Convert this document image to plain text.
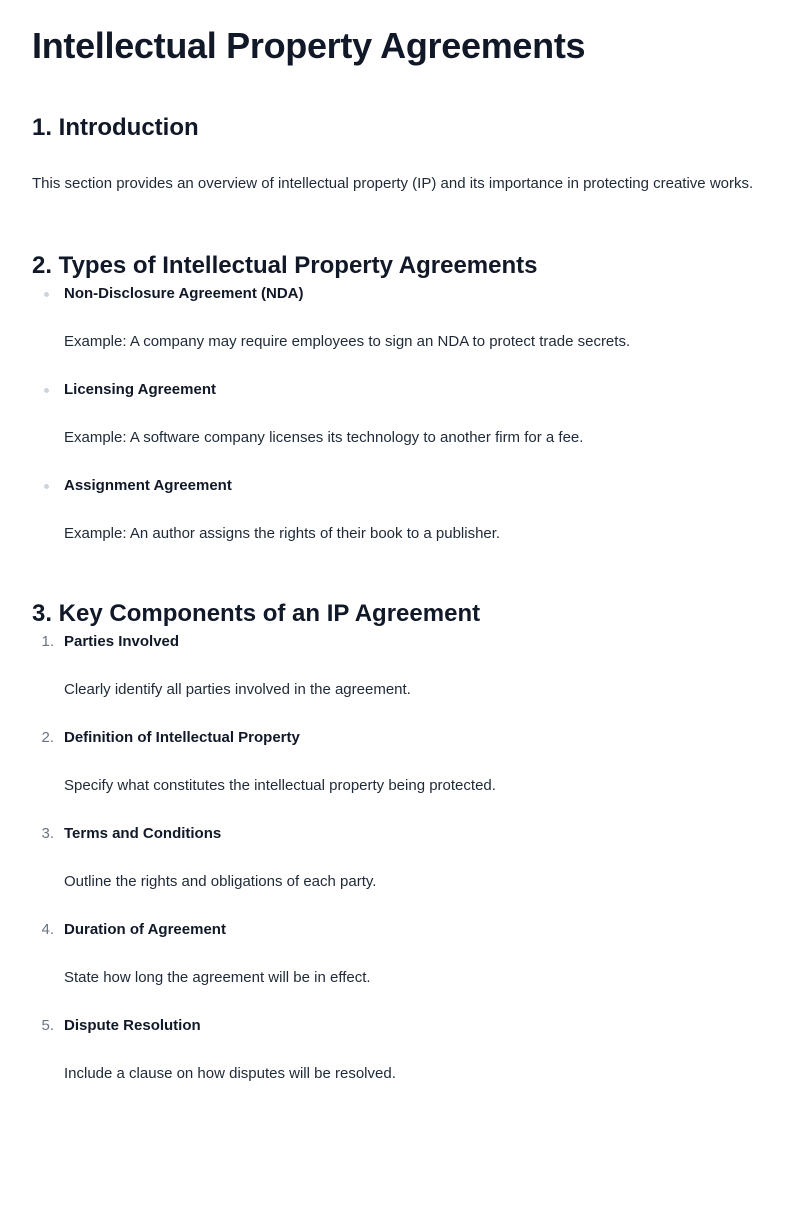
Intellectual Property Agreements
1. Introduction

This section provides an overview of intellectual property (IP) and its importance in protecting creative works.

2. Types of Intellectual Property Agreements
Non-Disclosure Agreement (NDA)

Example: A company may require employees to sign an NDA to protect trade secrets.

Licensing Agreement

Example: A software company licenses its technology to another firm for a fee.

Assignment Agreement

Example: An author assigns the rights of their book to a publisher.

3. Key Components of an IP Agreement
1. Parties Involved

Clearly identify all parties involved in the agreement.

2. Definition of Intellectual Property

Specify what constitutes the intellectual property being protected.

3. Terms and Conditions

Outline the rights and obligations of each party.

4. Duration of Agreement

State how long the agreement will be in effect.

5. Dispute Resolution

Include a clause on how disputes will be resolved.
